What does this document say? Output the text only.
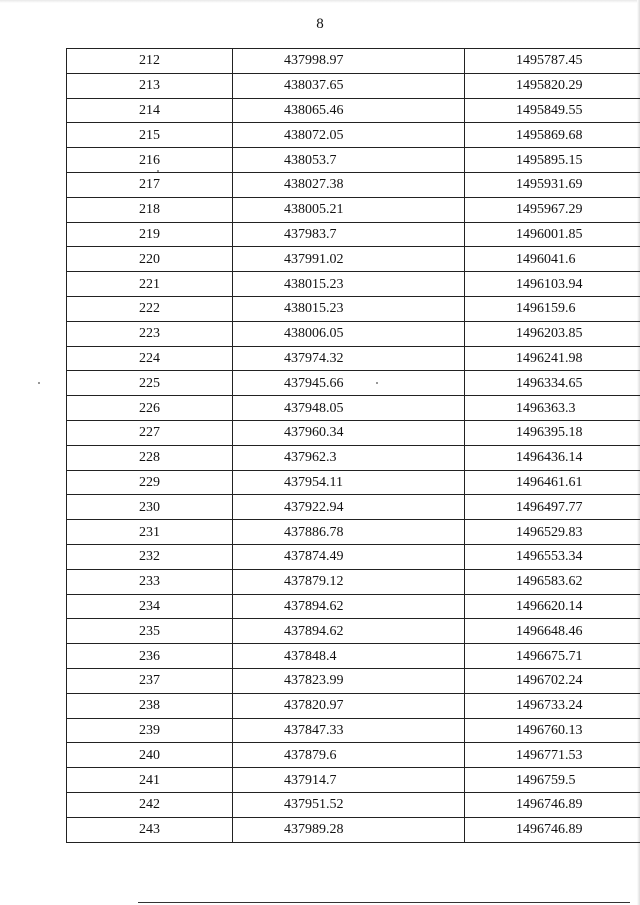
8
212	437998.97	1495787.45
213	438037.65	1495820.29
214	438065.46	1495849.55
215	438072.05	1495869.68
216	438053.7	1495895.15
217	438027.38	1495931.69
218	438005.21	1495967.29
219	437983.7	1496001.85
220	437991.02	1496041.6
221	438015.23	1496103.94
222	438015.23	1496159.6
223	438006.05	1496203.85
224	437974.32	1496241.98
225	437945.66	1496334.65
226	437948.05	1496363.3
227	437960.34	1496395.18
228	437962.3	1496436.14
229	437954.11	1496461.61
230	437922.94	1496497.77
231	437886.78	1496529.83
232	437874.49	1496553.34
233	437879.12	1496583.62
234	437894.62	1496620.14
235	437894.62	1496648.46
236	437848.4	1496675.71
237	437823.99	1496702.24
238	437820.97	1496733.24
239	437847.33	1496760.13
240	437879.6	1496771.53
241	437914.7	1496759.5
242	437951.52	1496746.89
243	437989.28	1496746.89
